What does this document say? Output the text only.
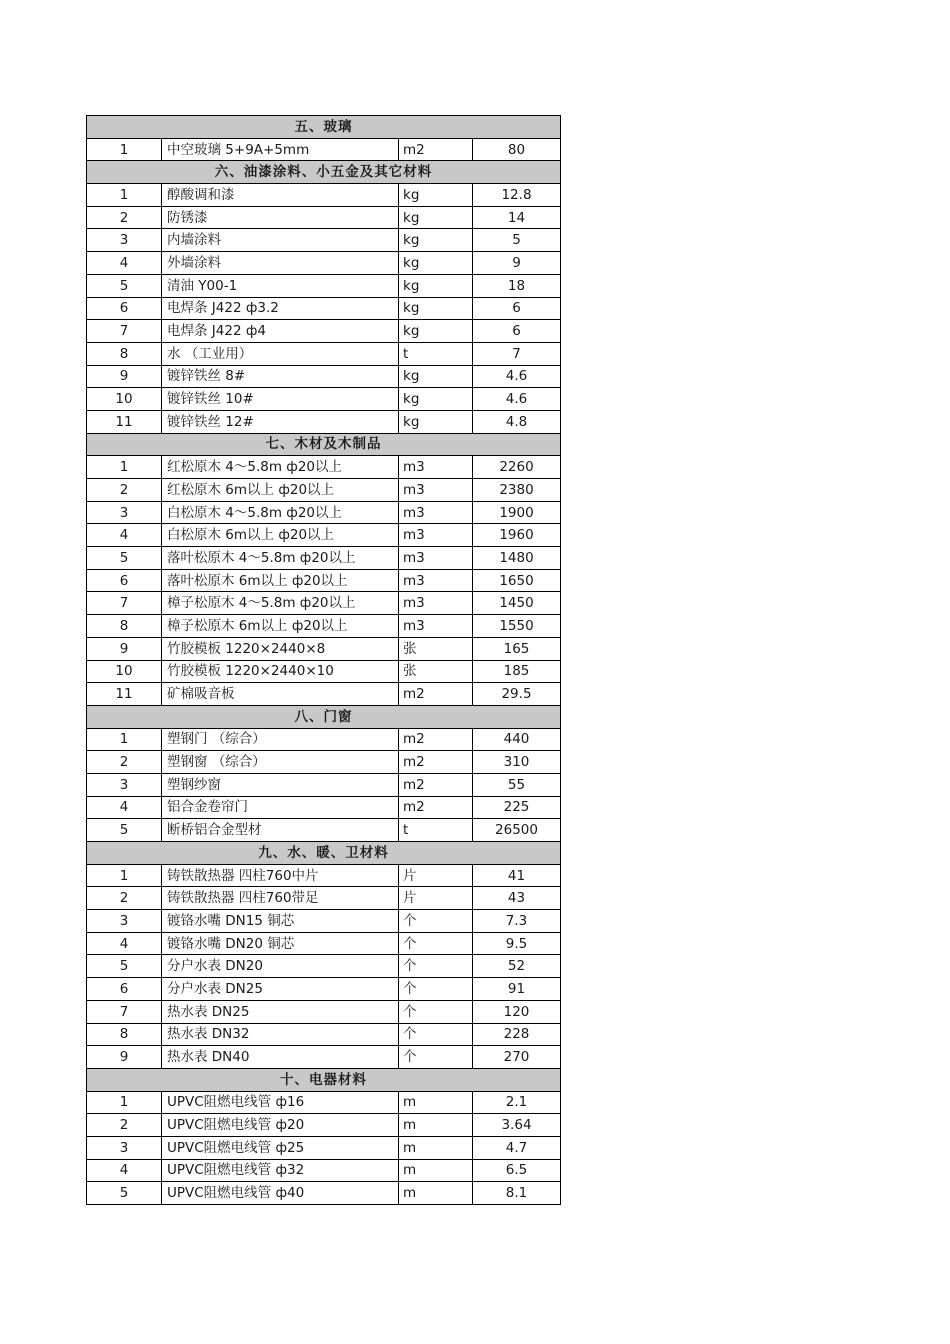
五、玻璃			
1	中空玻璃 5+9A+5mm	m2	80
六、油漆涂料、小五金及其它材料			
1	醇酸调和漆	kg	12.8
2	防锈漆	kg	14
3	内墙涂料	kg	5
4	外墙涂料	kg	9
5	清油 Y00-1	kg	18
6	电焊条 J422 ф3.2	kg	6
7	电焊条 J422 ф4	kg	6
8	水 （工业用）	t	7
9	镀锌铁丝 8#	kg	4.6
10	镀锌铁丝 10#	kg	4.6
11	镀锌铁丝 12#	kg	4.8
七、木材及木制品			
1	红松原木 4～5.8m ф20以上	m3	2260
2	红松原木 6m以上 ф20以上	m3	2380
3	白松原木 4～5.8m ф20以上	m3	1900
4	白松原木 6m以上 ф20以上	m3	1960
5	落叶松原木 4～5.8m ф20以上	m3	1480
6	落叶松原木 6m以上 ф20以上	m3	1650
7	樟子松原木 4～5.8m ф20以上	m3	1450
8	樟子松原木 6m以上 ф20以上	m3	1550
9	竹胶模板 1220×2440×8	张	165
10	竹胶模板 1220×2440×10	张	185
11	矿棉吸音板	m2	29.5
八、门窗			
1	塑钢门 （综合）	m2	440
2	塑钢窗 （综合）	m2	310
3	塑钢纱窗	m2	55
4	铝合金卷帘门	m2	225
5	断桥铝合金型材	t	26500
九、水、暖、卫材料			
1	铸铁散热器 四柱760中片	片	41
2	铸铁散热器 四柱760带足	片	43
3	镀铬水嘴 DN15 铜芯	个	7.3
4	镀铬水嘴 DN20 铜芯	个	9.5
5	分户水表 DN20	个	52
6	分户水表 DN25	个	91
7	热水表 DN25	个	120
8	热水表 DN32	个	228
9	热水表 DN40	个	270
十、电器材料			
1	UPVC阻燃电线管 ф16	m	2.1
2	UPVC阻燃电线管 ф20	m	3.64
3	UPVC阻燃电线管 ф25	m	4.7
4	UPVC阻燃电线管 ф32	m	6.5
5	UPVC阻燃电线管 ф40	m	8.1
